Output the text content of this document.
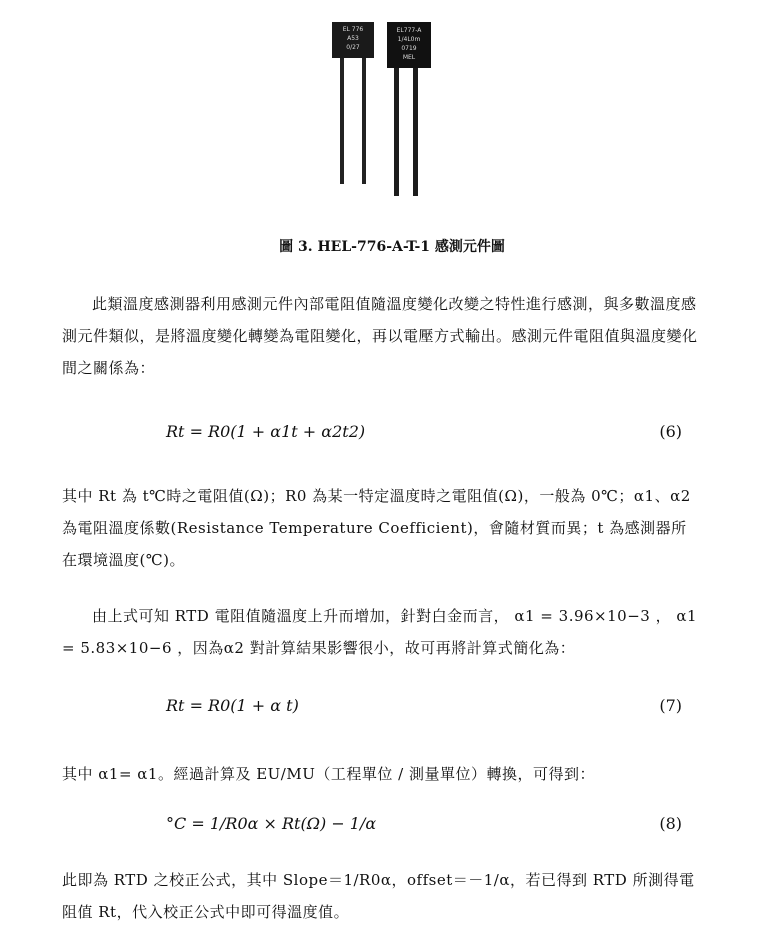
EL 776
A53
0/27
EL777-A
1/4L0m
0719
MEL
圖 3. HEL-776-A-T-1 感測元件圖
此類溫度感測器利用感測元件內部電阻值隨溫度變化改變之特性進行感測，與多數溫度感測元件類似，是將溫度變化轉變為電阻變化，再以電壓方式輸出。感測元件電阻值與溫度變化間之關係為：
Rt = R0(1 + α1t + α2t2)	(6)
其中 Rt 為 t℃時之電阻值(Ω)；R0 為某一特定溫度時之電阻值(Ω)，一般為 0℃；α1、α2 為電阻溫度係數(Resistance Temperature Coefficient)，會隨材質而異；t 為感測器所在環境溫度(℃)。
由上式可知 RTD 電阻值隨溫度上升而增加，針對白金而言， α1 = 3.96×10−3 ， α1 = 5.83×10−6 ，因為α2 對計算結果影響很小，故可再將計算式簡化為：
Rt = R0(1 + α t)	(7)
其中 α1= α1。經過計算及 EU/MU（工程單位 / 測量單位）轉換，可得到：
°C = 1/R0α × Rt(Ω) − 1/α	(8)
此即為 RTD 之校正公式，其中 Slope＝1/R0α，offset＝－1/α，若已得到 RTD 所測得電阻值 Rt，代入校正公式中即可得溫度值。
